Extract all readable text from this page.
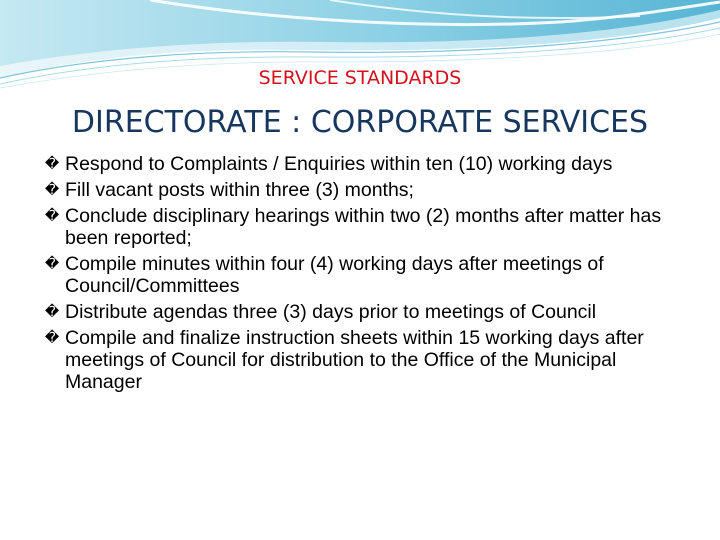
SERVICE STANDARDS
DIRECTORATE : CORPORATE SERVICES
� Respond to Complaints / Enquiries within ten (10) working days
� Fill vacant posts within three (3) months;
� Conclude disciplinary hearings within two (2) months after matter has been reported;
� Compile minutes within four (4) working days after meetings of Council/Committees
� Distribute agendas three (3) days prior to meetings of Council
� Compile and finalize instruction sheets within 15 working days after meetings of Council for distribution to the Office of the Municipal Manager
